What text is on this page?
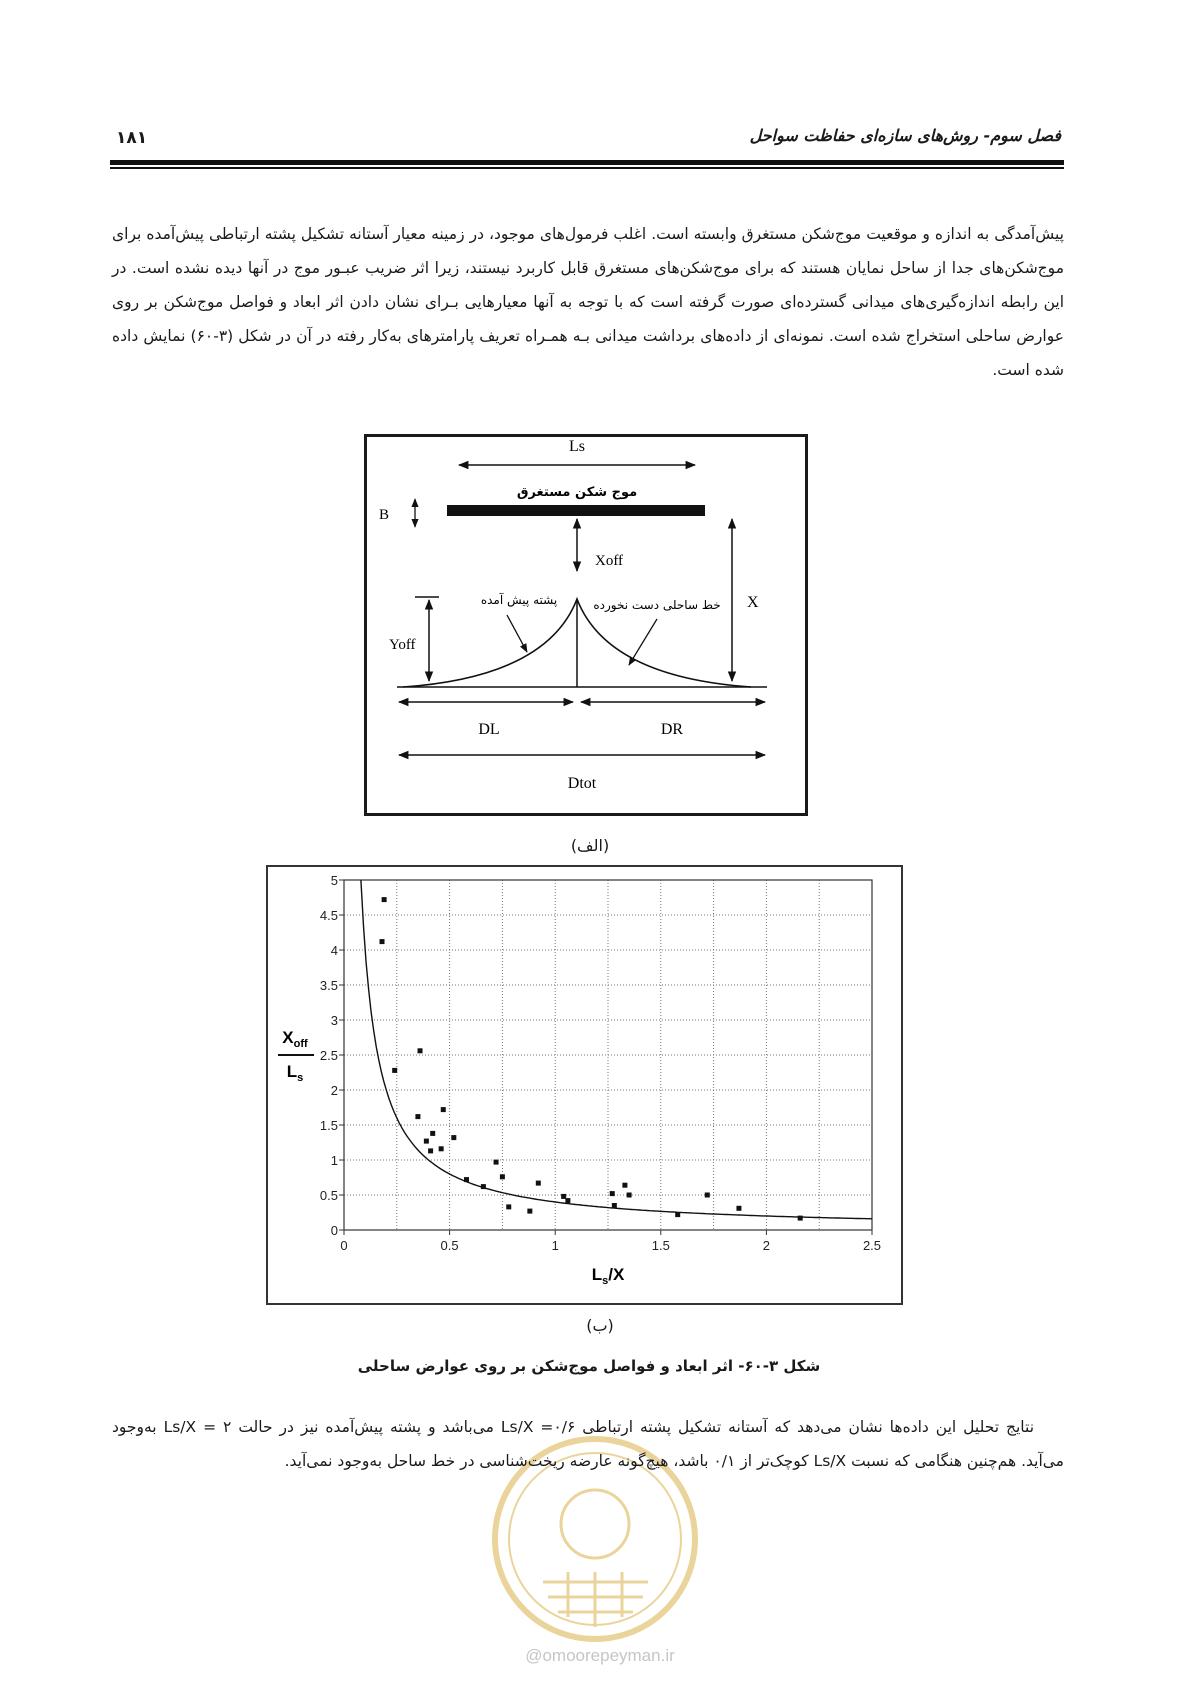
فصل سوم- روش‌های سازه‌ای حفاظت سواحل
۱۸۱
پیش‌آمدگی به اندازه و موقعیت موج‌شکن مستغرق وابسته است. اغلب فرمول‌های موجود، در زمینه معیار آستانه تشکیل پشته ارتباطی پیش‌آمده برای موج‌شکن‌های جدا از ساحل نمایان هستند که برای موج‌شکن‌های مستغرق قابل کاربرد نیستند، زیرا اثر ضریب عبـور موج در آنها دیده نشده است. در این رابطه اندازه‌گیری‌های میدانی گسترده‌ای صورت گرفته است که با توجه به آنها معیارهایی بـرای نشان دادن اثر ابعاد و فواصل موج‌شکن بر روی عوارض ساحلی استخراج شده است. نمونه‌ای از داده‌های برداشت میدانی بـه همـراه تعریف پارامترهای به‌کار رفته در آن در شکل (۳-۶۰) نمایش داده شده است.
Ls
موج شکن مستغرق
B
Xoff
X
Yoff
پشته پیش آمده	خط ساحلی دست نخورده
DL	DR
Dtot
(الف)
0
0.5
1
1.5
2
2.5
3
3.5
4
4.5
5
0	0.5	1	1.5	2	2.5
$L_s/X$
$X_{off}$
$L_s$
(ب)
شکل ۳-۶۰- اثر ابعاد و فواصل موج‌شکن بر روی عوارض ساحلی
@omoorepeyman.ir
نتایج تحلیل این داده‌ها نشان می‌دهد که آستانه تشکیل پشته ارتباطی Ls/X =۰/۶ می‌باشد و پشته پیش‌آمده نیز در حالت Ls/X = ۲ به‌وجود می‌آید. هم‌چنین هنگامی که نسبت Ls/X کوچک‌تر از ۰/۱ باشد، هیچ‌گونه عارضه ریخت‌شناسی در خط ساحل به‌وجود نمی‌آید.
